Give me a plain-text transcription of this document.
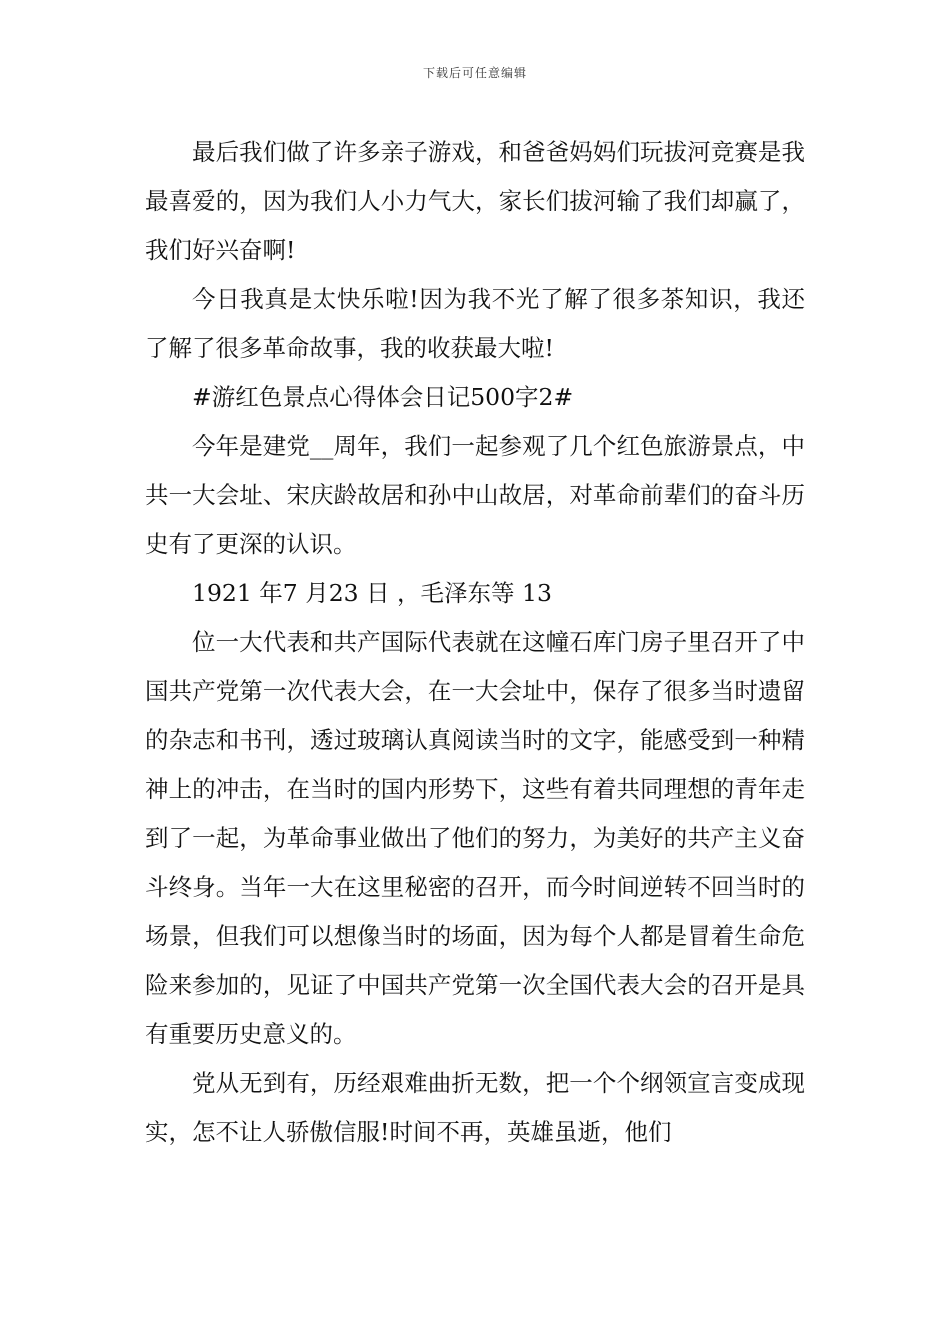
下载后可任意编辑

最后我们做了许多亲子游戏，和爸爸妈妈们玩拔河竞赛是我最喜爱的，因为我们人小力气大，家长们拔河输了我们却赢了，我们好兴奋啊!

今日我真是太快乐啦!因为我不光了解了很多茶知识，我还了解了很多革命故事，我的收获最大啦!

#游红色景点心得体会日记500字2#

今年是建党__周年，我们一起参观了几个红色旅游景点，中共一大会址、宋庆龄故居和孙中山故居，对革命前辈们的奋斗历史有了更深的认识。

1921 年7 月23 日 ，毛泽东等 13

位一大代表和共产国际代表就在这幢石库门房子里召开了中国共产党第一次代表大会，在一大会址中，保存了很多当时遗留的杂志和书刊，透过玻璃认真阅读当时的文字，能感受到一种精神上的冲击，在当时的国内形势下，这些有着共同理想的青年走到了一起，为革命事业做出了他们的努力，为美好的共产主义奋斗终身。当年一大在这里秘密的召开，而今时间逆转不回当时的场景，但我们可以想像当时的场面，因为每个人都是冒着生命危险来参加的，见证了中国共产党第一次全国代表大会的召开是具有重要历史意义的。

党从无到有，历经艰难曲折无数，把一个个纲领宣言变成现实，怎不让人骄傲信服!时间不再，英雄虽逝，他们
